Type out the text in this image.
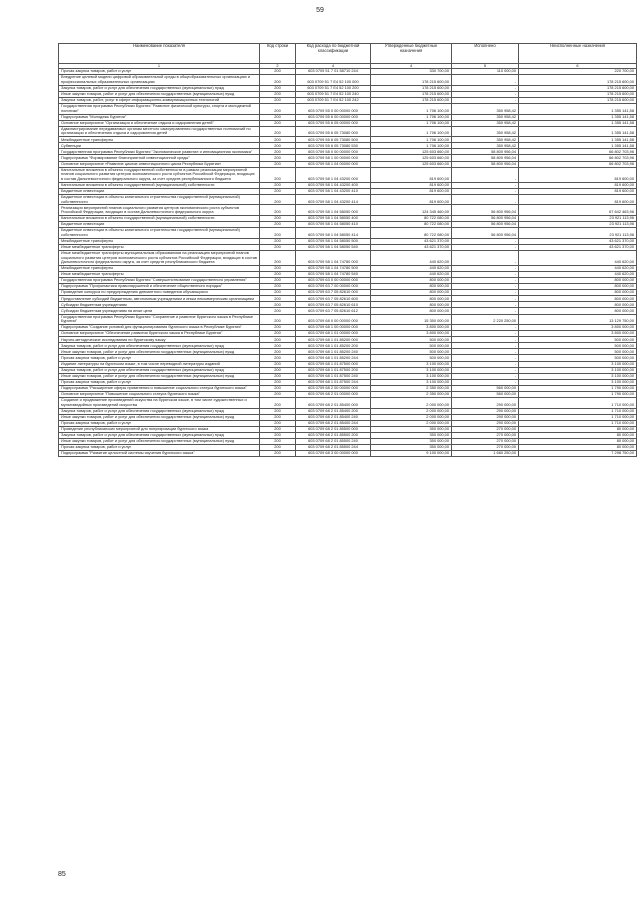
59
Наименование показателя	Код строки	Код расхода по бюджетной классификации	Утвержденные бюджетные назначения	Исполнено	Неисполненные назначения
1	2	4	4	5	6
Прочая закупка товаров, работ и услуг	200	603 0709 51 7 01 58710 244	330 700,00	110 000,00	220 700,00
Внедрение целевой модели цифровой образовательной среды в общеобразовательных организациях и профессиональных образовательных организациях	200	603 0709 51 7 Е4 52 100 000	178 215 600,00	-	178 215 600,00
Закупка товаров, работ и услуг для обеспечения государственных (муниципальных) нужд	200	603 0709 51 7 Е4 52 100 200	178 215 600,00	-	178 215 600,00
Иные закупки товаров, работ и услуг для обеспечения государственных (муниципальных) нужд	200	603 0709 51 7 Е4 52 100 240	178 215 600,00	-	178 215 600,00
Закупка товаров, работ, услуг в сфере информационно-коммуникационных технологий	200	603 0709 51 7 Е4 52 100 242	178 215 600,00	-	178 215 600,00
Государственная программа Республики Бурятия "Развитие физической культуры, спорта и молодежной политики"	200	603 0709 55 0 00 00000 000	1 706 100,00	350 958,42	1 355 141,58
Подпрограмма "Молодежь Бурятии"	200	603 0709 55 6 00 00000 000	1 706 100,00	350 958,42	1 355 141,58
Основное мероприятие "Организация и обеспечение отдыха и оздоровления детей"	200	603 0709 55 6 05 00000 000	1 706 100,00	350 958,42	1 355 141,58
Администрирование передаваемых органам местного самоуправления государственных полномочий по организации и обеспечению отдыха и оздоровления детей	200	603 0709 55 6 05 73080 000	1 706 100,00	350 958,42	1 355 141,58
Межбюджетные трансферты	200	603 0709 55 6 05 73080 500	1 706 100,00	350 958,42	1 355 141,58
Субвенции	200	603 0709 55 6 05 73080 530	1 706 100,00	350 958,42	1 355 141,58
Государственная программа Республики Бурятия "Экономическое развитие и инновационная экономика"	200	603 0709 58 0 00 00000 000	125 603 660,00	58 800 956,04	66 802 703,96
Подпрограмма "Формирование благоприятной инвестиционной среды"	200	603 0709 58 1 00 00000 000	125 603 660,00	58 800 956,04	66 802 703,96
Основное мероприятие «Развитие циклов инвестиционного цикла Республики Бурятия»	200	603 0709 58 1 04 00000 000	125 603 660,00	58 800 956,04	66 802 703,96
Капитальные вложения в объекты государственной собственности в рамках реализации мероприятий планов социального развития центров экономического роста субъектов Российской Федерации, входящих в состав Дальневосточного федерального округа, за счет средств республиканского бюджета	200	603 0709 58 1 04 43200 000	819 600,00	-	819 600,00
Капитальные вложения в объекты государственной (муниципальной) собственности	200	603 0709 58 1 04 43200 400	819 600,00	-	819 600,00
Бюджетные инвестиции	200	603 0709 58 1 04 43200 410	819 600,00	-	819 600,00
Бюджетные инвестиции в объекты капитального строительства государственной (муниципальной) собственности	200	603 0709 58 1 04 43200 414	819 600,00	-	819 600,00
Реализация мероприятий планов социального развития центров экономического роста субъектов Российской Федерации, входящих в состав Дальневосточного федерального округа	200	603 0709 58 1 04 58050 000	124 345 460,00	56 800 956,04	67 642 463,96
Капитальные вложения в объекты государственной (муниципальной) собственности	200	603 0709 58 1 04 58050 400	80 722 080,00	56 800 956,04	23 921 113,96
Бюджетные инвестиции	200	603 0709 58 1 04 58050 410	80 722 080,00	56 800 956,04	23 921 113,96
Бюджетные инвестиции в объекты капитального строительства государственной (муниципальной) собственности	200	603 0709 58 1 04 58050 414	80 722 080,00	56 800 956,04	23 921 113,96
Межбюджетные трансферты	200	603 0709 58 1 04 58050 500	43 621 370,00	-	43 621 370,00
Иные межбюджетные трансферты	200	603 0709 58 1 04 58050 540	43 621 370,00	-	43 621 370,00
Иные межбюджетные трансферты муниципальным образованиям на реализацию мероприятий планов социального развития центров экономического роста субъектов Российской Федерации, входящих в состав Дальневосточного федерального округа, за счет средств республиканского бюджета	200	603 0709 58 1 04 74780 000	440 620,00	-	440 620,00
Межбюджетные трансферты	200	603 0709 58 1 04 74780 500	440 620,00	-	440 620,00
Иные межбюджетные трансферты	200	603 0709 58 1 04 74780 540	440 620,00	-	440 620,00
Государственная программа Республики Бурятия "Совершенствование государственного управления"	200	603 0709 63 0 00 00000 000	800 000,00	-	800 000,00
Подпрограмма "Профилактика правонарушений и обеспечение общественного порядка"	200	603 0709 63 7 00 00000 000	800 000,00	-	800 000,00
Проведение конкурса по предупреждению девиантного поведения обучающихся	200	603 0709 63 7 05 82610 000	800 000,00	-	800 000,00
Предоставление субсидий бюджетным, автономным учреждениям и иным некоммерческим организациям	200	603 0709 63 7 05 82610 600	800 000,00	-	800 000,00
Субсидии бюджетным учреждениям	200	603 0709 63 7 05 82610 610	800 000,00	-	800 000,00
Субсидии бюджетным учреждениям на иные цели	200	603 0709 63 7 05 82610 612	800 000,00	-	800 000,00
Государственная программа Республики Бурятия "Сохранение и развитие бурятского языка в Республике Бурятия"	200	603 0709 68 0 00 00000 000	15 350 000,00	2 220 250,00	13 129 750,00
Подпрограмма "Создание условий для функционирования бурятского языка в Республике Бурятия"	200	603 0709 68 1 00 00000 000	3 800 000,00	-	3 800 000,00
Основное мероприятие "Обеспечение развития бурятского языка в Республике Бурятия"	200	603 0709 68 1 01 00000 000	3 800 000,00	-	3 800 000,00
Научно-методические исследования по бурятскому языку	200	603 0709 68 1 01 85200 000	500 000,00	-	500 000,00
Закупка товаров, работ и услуг для обеспечения государственных (муниципальных) нужд	200	603 0709 68 1 01 85200 200	500 000,00	-	500 000,00
Иные закупки товаров, работ и услуг для обеспечения государственных (муниципальных) нужд	200	603 0709 68 1 01 85200 240	500 000,00	-	500 000,00
Прочая закупка товаров, работ и услуг	200	603 0709 68 1 01 85200 244	500 000,00	-	500 000,00
Издание литературы на бурятском языке, в том числе переводной литературы изданий	200	603 0709 68 1 01 87500 000	3 100 000,00	-	3 100 000,00
Закупка товаров, работ и услуг для обеспечения государственных (муниципальных) нужд	200	603 0709 68 1 01 87500 200	3 100 000,00	-	3 100 000,00
Иные закупки товаров, работ и услуг для обеспечения государственных (муниципальных) нужд	200	603 0709 68 1 01 87500 240	3 100 000,00	-	3 100 000,00
Прочая закупка товаров, работ и услуг	200	603 0709 68 1 01 87500 244	3 100 000,00	-	3 100 000,00
Подпрограмма "Расширение сферы применения и повышение социального статуса бурятского языка"	200	603 0709 68 2 00 00000 000	2 350 000,00	560 000,00	1 790 000,00
Основное мероприятие "Повышение социального статуса бурятского языка"	200	603 0709 68 2 01 00000 000	2 350 000,00	560 000,00	1 790 000,00
Создание и продвижение произведений искусства на бурятском языке, в том числе художественных и мультимедийных произведений искусства	200	603 0709 68 2 01 85400 000	2 000 000,00	290 000,00	1 710 000,00
Закупка товаров, работ и услуг для обеспечения государственных (муниципальных) нужд	200	603 0709 68 2 01 85400 200	2 000 000,00	290 000,00	1 710 000,00
Иные закупки товаров, работ и услуг для обеспечения государственных (муниципальных) нужд	200	603 0709 68 2 01 85400 240	2 000 000,00	290 000,00	1 710 000,00
Прочая закупка товаров, работ и услуг	200	603 0709 68 2 01 85400 244	2 000 000,00	290 000,00	1 710 000,00
Проведение республиканских мероприятий для популяризации бурятского языка	200	603 0709 68 2 01 85500 000	350 000,00	270 000,00	80 000,00
Закупка товаров, работ и услуг для обеспечения государственных (муниципальных) нужд	200	603 0709 68 2 01 85500 200	350 000,00	270 000,00	80 000,00
Иные закупки товаров, работ и услуг для обеспечения государственных (муниципальных) нужд	200	603 0709 68 2 01 85500 240	350 000,00	270 000,00	80 000,00
Прочая закупка товаров, работ и услуг	200	603 0709 68 2 01 85500 244	350 000,00	270 000,00	80 000,00
Подпрограмма "Развитие целостной системы изучения бурятского языка"	200	603 0709 68 3 00 00000 000	9 100 000,00	1 660 250,00	7 298 750,00
85
